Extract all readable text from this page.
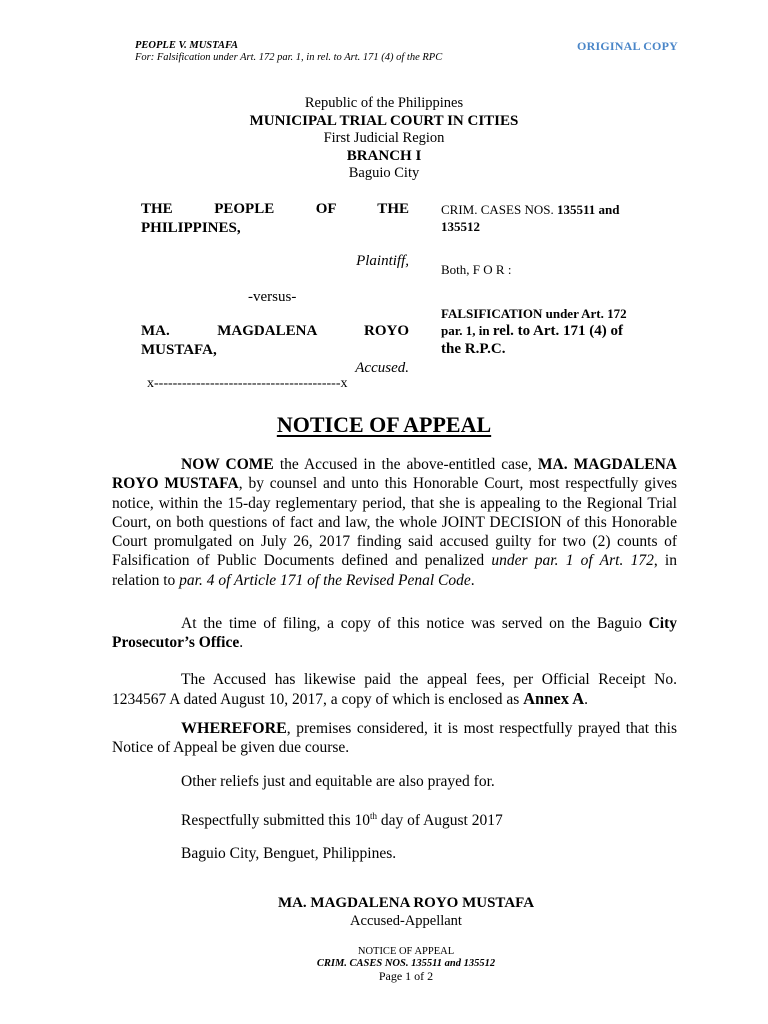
PEOPLE V. MUSTAFA
For: Falsification under Art. 172 par. 1, in rel. to Art. 171 (4) of the RPC
ORIGINAL COPY
Republic of the Philippines
MUNICIPAL TRIAL COURT IN CITIES
First Judicial Region
BRANCH I
Baguio City
THE PEOPLE OF THE
PHILIPPINES,
Plaintiff,
-versus-
MA. MAGDALENA ROYO
MUSTAFA,
Accused.
x----------------------------------------x
CRIM. CASES NOS. 135511 and
135512
Both, F O R :
FALSIFICATION under Art. 172
par. 1, in rel. to Art. 171 (4) of
the R.P.C.
NOTICE OF APPEAL
NOW COME the Accused in the above-entitled case, MA. MAGDALENA ROYO MUSTAFA, by counsel and unto this Honorable Court, most respectfully gives notice, within the 15-day reglementary period, that she is appealing to the Regional Trial Court, on both questions of fact and law, the whole JOINT DECISION of this Honorable Court promulgated on July 26, 2017 finding said accused guilty for two (2) counts of Falsification of Public Documents defined and penalized under par. 1 of Art. 172, in relation to par. 4 of Article 171 of the Revised Penal Code.
At the time of filing, a copy of this notice was served on the Baguio City Prosecutor’s Office.
The Accused has likewise paid the appeal fees, per Official Receipt No. 1234567 A dated August 10, 2017, a copy of which is enclosed as Annex A.
WHEREFORE, premises considered, it is most respectfully prayed that this Notice of Appeal be given due course.
Other reliefs just and equitable are also prayed for.
Respectfully submitted this 10th day of August 2017
Baguio City, Benguet, Philippines.
MA. MAGDALENA ROYO MUSTAFA
Accused-Appellant
NOTICE OF APPEAL
CRIM. CASES NOS. 135511 and 135512
Page 1 of 2
